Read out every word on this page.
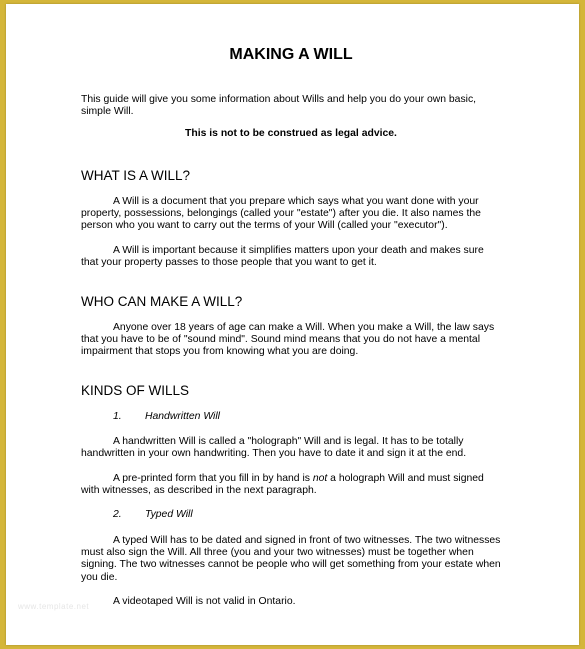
MAKING A WILL

This guide will give you some information about Wills and help you do your own basic, simple Will.

This is not to be construed as legal advice.

WHAT IS A WILL?

A Will is a document that you prepare which says what you want done with your property, possessions, belongings (called your "estate") after you die. It also names the person who you want to carry out the terms of your Will (called your "executor").

A Will is important because it simplifies matters upon your death and makes sure that your property passes to those people that you want to get it.

WHO CAN MAKE A WILL?

Anyone over 18 years of age can make a Will. When you make a Will, the law says that you have to be of "sound mind". Sound mind means that you do not have a mental impairment that stops you from knowing what you are doing.

KINDS OF WILLS

1. Handwritten Will

A handwritten Will is called a "holograph" Will and is legal. It has to be totally handwritten in your own handwriting. Then you have to date it and sign it at the end.

A pre-printed form that you fill in by hand is not a holograph Will and must signed with witnesses, as described in the next paragraph.

2. Typed Will

A typed Will has to be dated and signed in front of two witnesses. The two witnesses must also sign the Will. All three (you and your two witnesses) must be together when signing. The two witnesses cannot be people who will get something from your estate when you die.

A videotaped Will is not valid in Ontario.

www.template.net
